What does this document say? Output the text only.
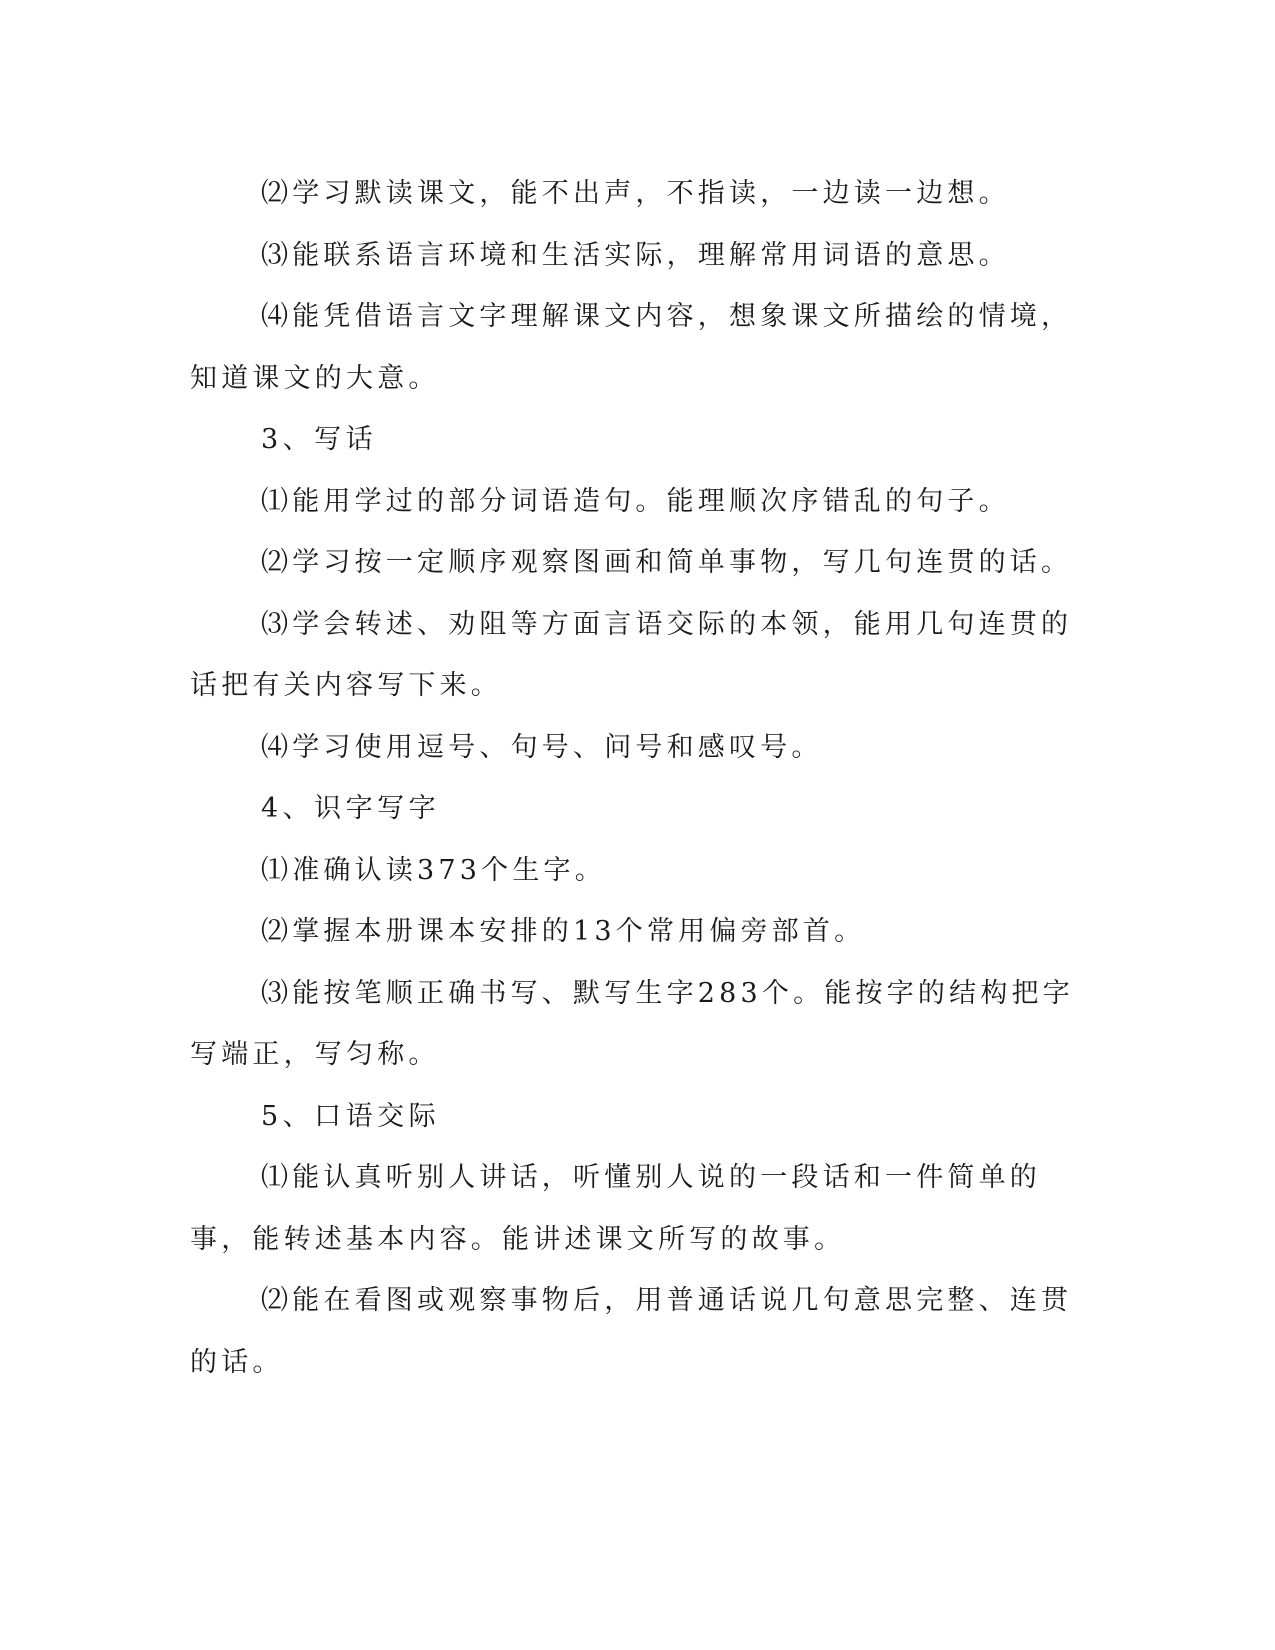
⑵学习默读课文，能不出声，不指读，一边读一边想。

⑶能联系语言环境和生活实际，理解常用词语的意思。

⑷能凭借语言文字理解课文内容，想象课文所描绘的情境，知道课文的大意。

3、写话

⑴能用学过的部分词语造句。能理顺次序错乱的句子。

⑵学习按一定顺序观察图画和简单事物，写几句连贯的话。

⑶学会转述、劝阻等方面言语交际的本领，能用几句连贯的话把有关内容写下来。

⑷学习使用逗号、句号、问号和感叹号。

4、识字写字

⑴准确认读373个生字。

⑵掌握本册课本安排的13个常用偏旁部首。

⑶能按笔顺正确书写、默写生字283个。能按字的结构把字写端正，写匀称。

5、口语交际

⑴能认真听别人讲话，听懂别人说的一段话和一件简单的事，能转述基本内容。能讲述课文所写的故事。

⑵能在看图或观察事物后，用普通话说几句意思完整、连贯的话。
